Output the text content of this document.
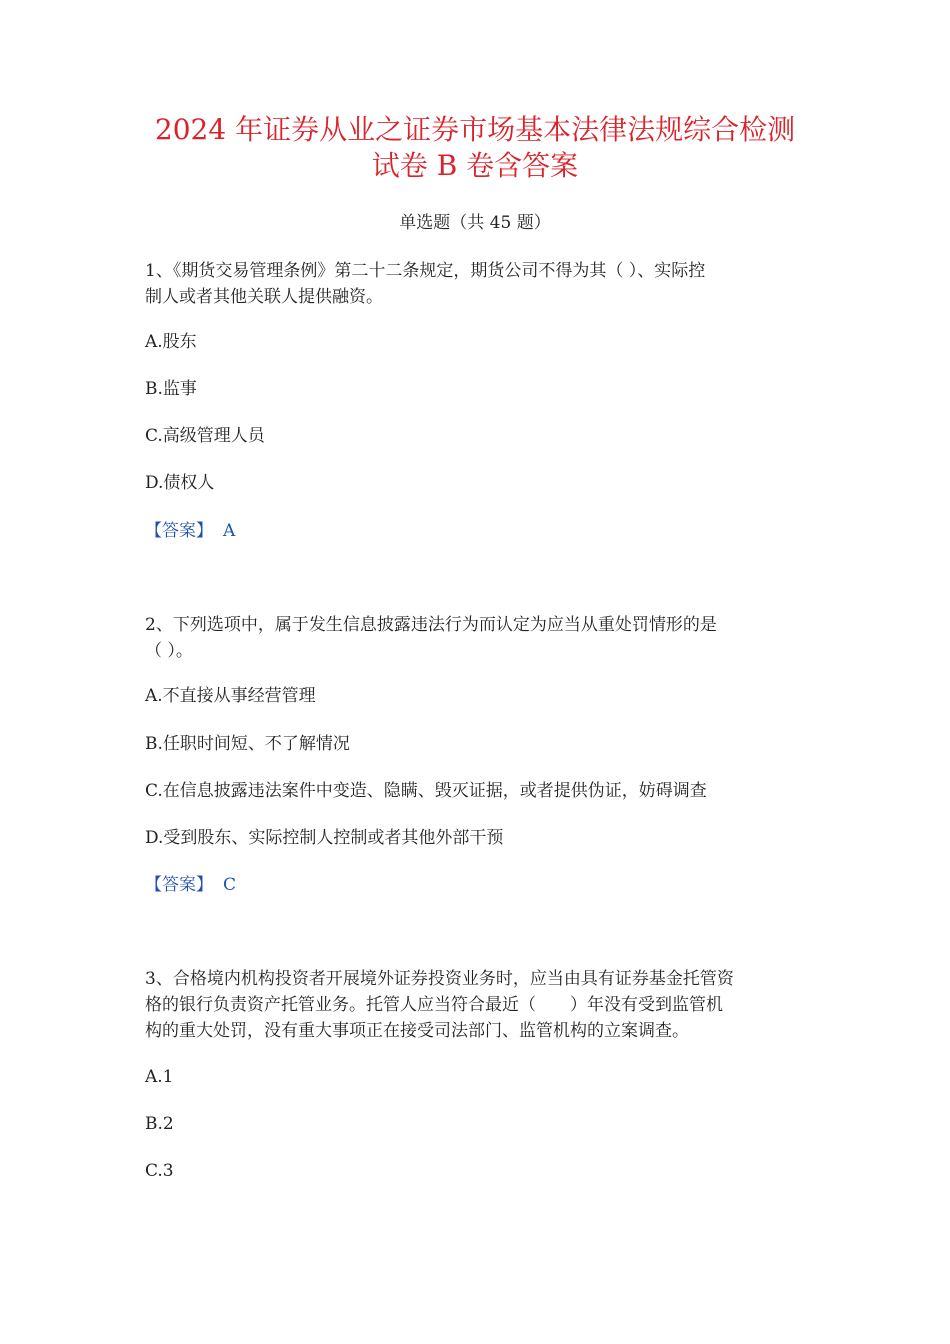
2024 年证券从业之证券市场基本法律法规综合检测
试卷 B 卷含答案
单选题（共 45 题）
1、《期货交易管理条例》第二十二条规定，期货公司不得为其（ ）、实际控
制人或者其他关联人提供融资。
A.股东
B.监事
C.高级管理人员
D.债权人
【答案】 A
2、下列选项中，属于发生信息披露违法行为而认定为应当从重处罚情形的是
（ ）。
A.不直接从事经营管理
B.任职时间短、不了解情况
C.在信息披露违法案件中变造、隐瞒、毁灭证据，或者提供伪证，妨碍调查
D.受到股东、实际控制人控制或者其他外部干预
【答案】 C
3、合格境内机构投资者开展境外证券投资业务时，应当由具有证券基金托管资
格的银行负责资产托管业务。托管人应当符合最近（　　）年没有受到监管机
构的重大处罚，没有重大事项正在接受司法部门、监管机构的立案调查。
A.1
B.2
C.3
